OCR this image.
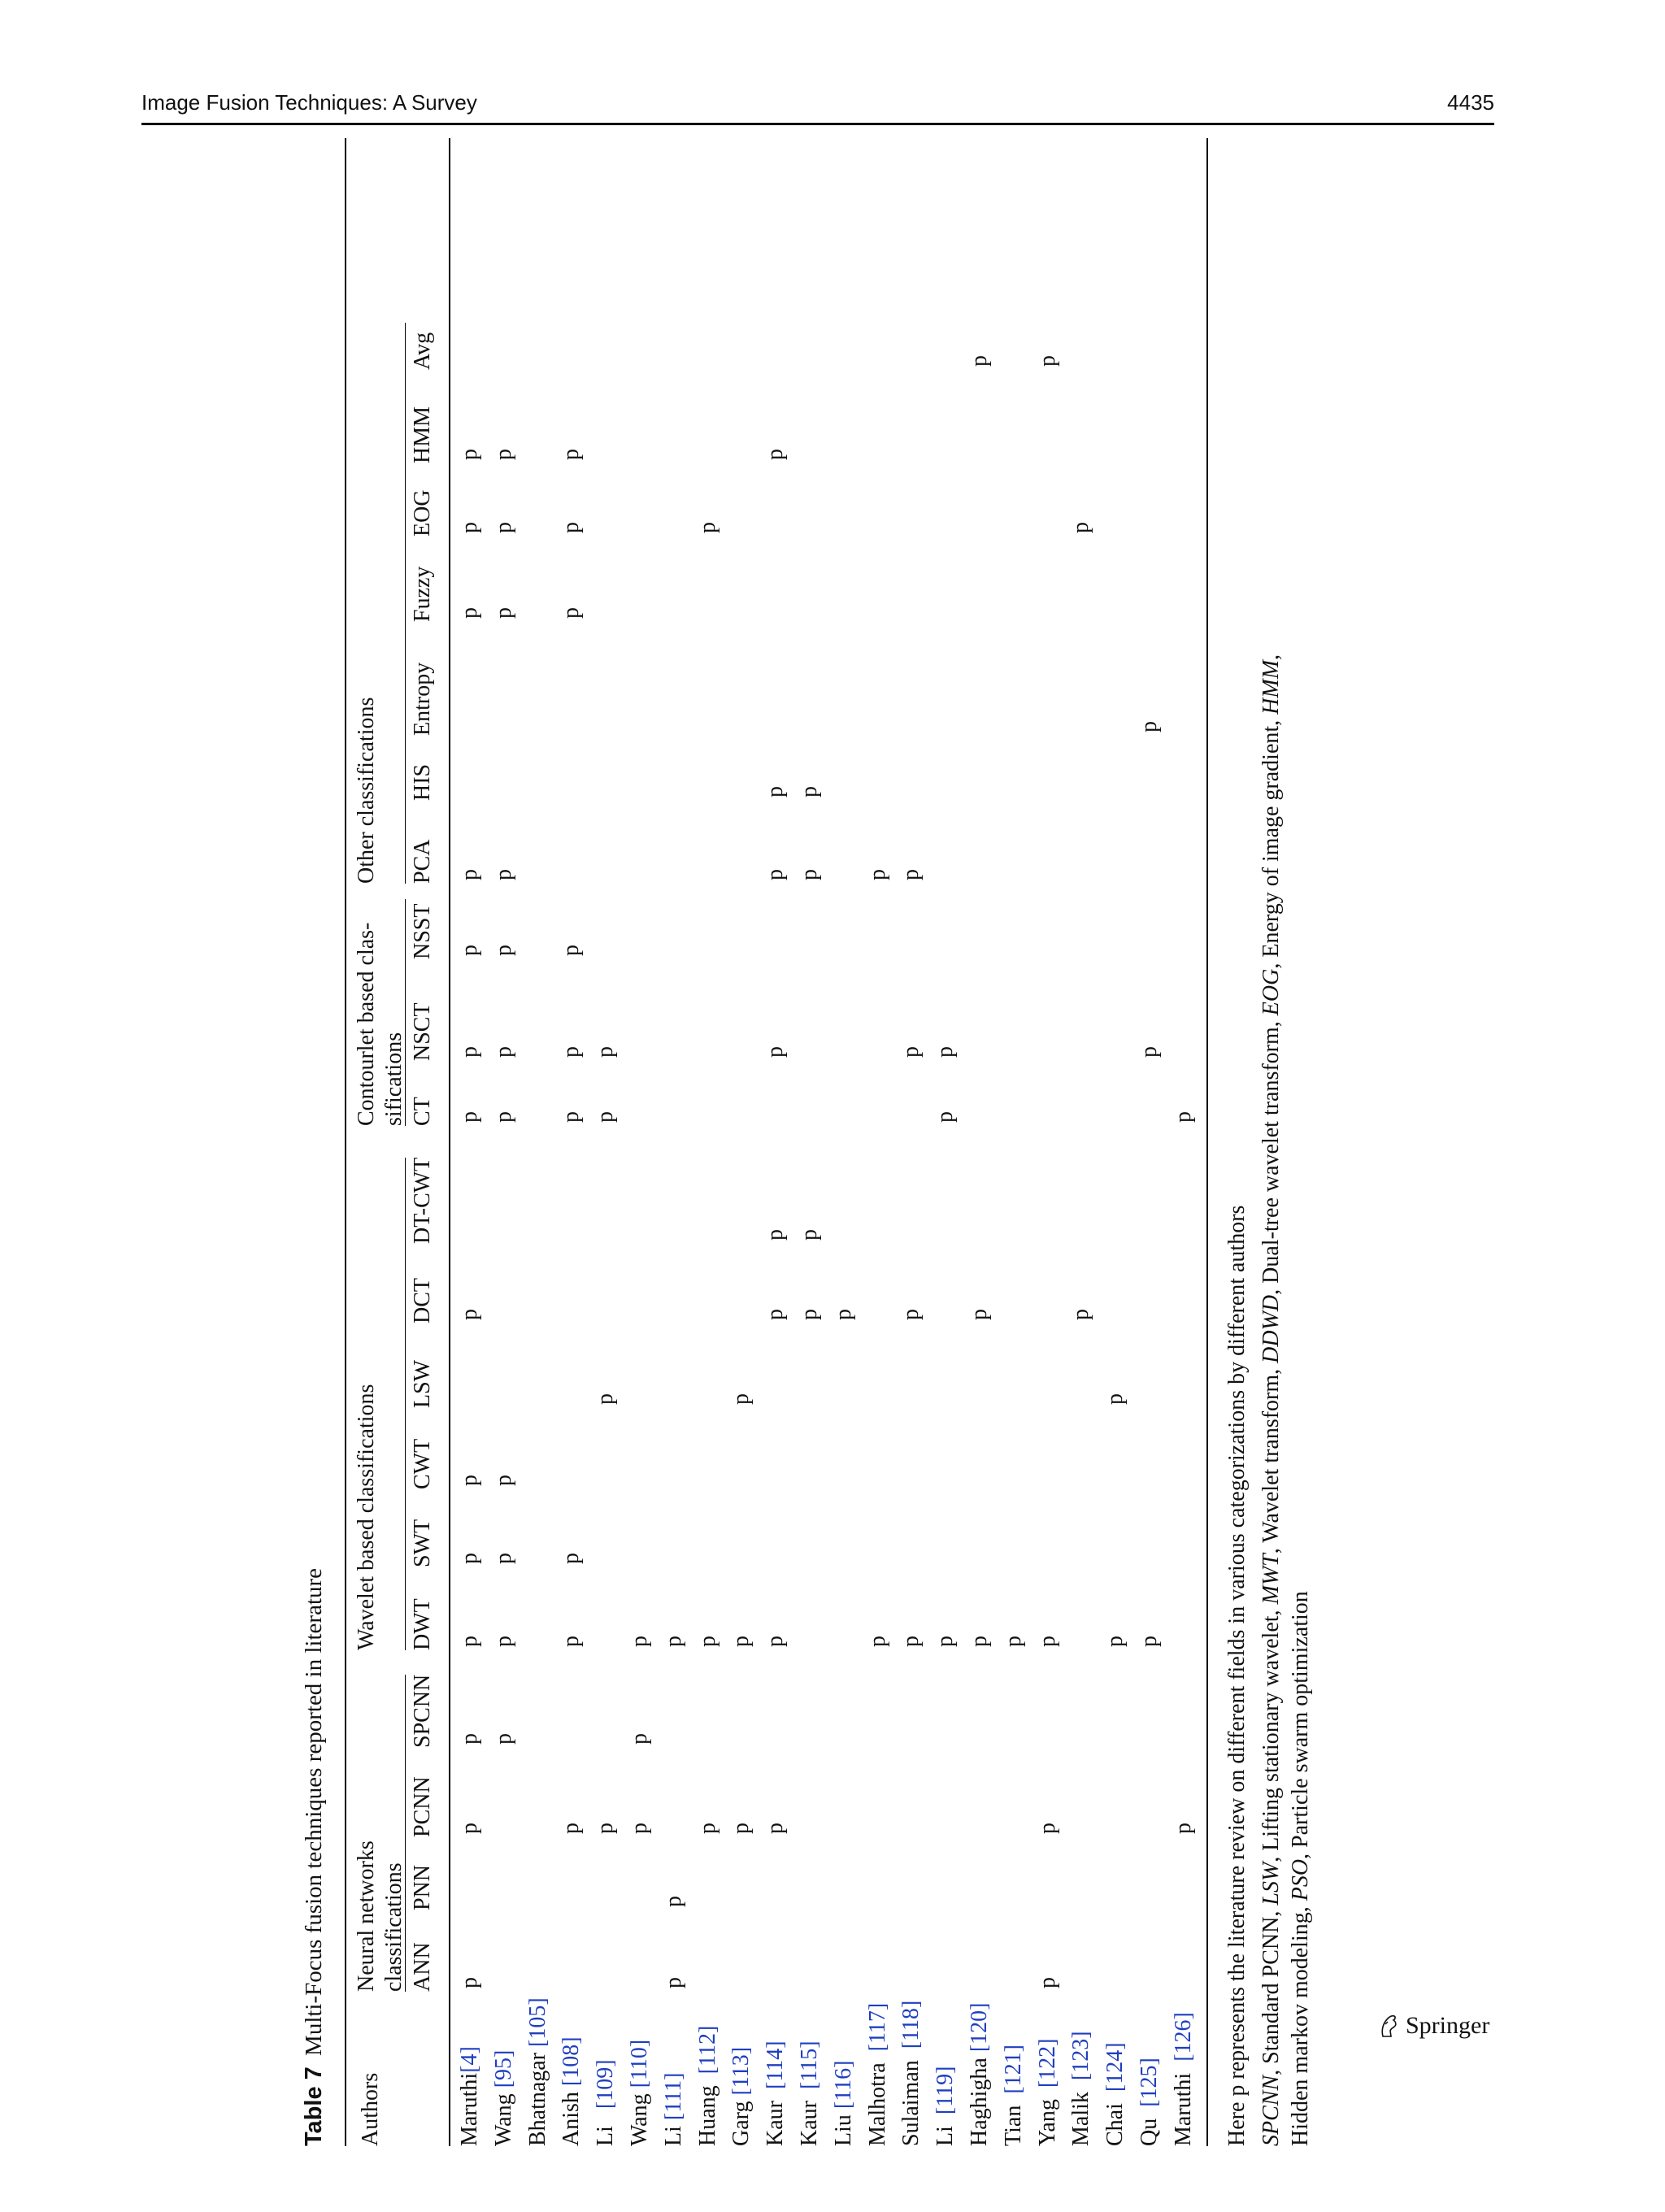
Image Fusion Techniques: A Survey	4435
Table 7 Multi-Focus fusion techniques reported in literature
Authors
Neural networks classifications
Wavelet based classifications
Contourlet based clas- sifications
Other classifications
ANN
PNN
PCNN
SPCNN
DWT
SWT
CWT
LSW
DCT
DT-CWT
CT
NSCT
NSST
PCA
HIS
Entropy
Fuzzy
EOG
HMM
Avg
Maruthi[4]
p
p
p
p
p
p
p
p
p
p
p
p
p
p
Wang [95]
p
p
p
p
p
p
p
p
p
p
p
Bhatnagar [105]
Anish [108]
p
p
p
p
p
p
p
p
p
Li   [109]
p
p
p
p
Wang [110]
p
p
p
Li [111]
p
p
p
Huang  [112]
p
p
p
Garg [113]
p
p
p
Kaur  [114]
p
p
p
p
p
p
p
p
Kaur  [115]
p
p
p
p
Liu [116]
p
Malhotra  [117]
p
p
Sulaiman  [118]
p
p
p
p
Li  [119]
p
p
p
Haghigha [120]
p
p
p
Tian  [121]
p
Yang  [122]
p
p
p
p
Malik  [123]
p
p
Chai  [124]
p
p
Qu  [125]
p
p
p
Maruthi  [126]
p
p
Here p represents the literature review on different fields in various categorizations by different authors SPCNN, Standard PCNN, LSW, Lifting stationary wavelet, MWT, Wavelet transform, DDWD, Dual-tree wavelet transform, EOG, Energy of image gradient, HMM, Hidden markov modeling, PSO, Particle swarm optimization
Springer
